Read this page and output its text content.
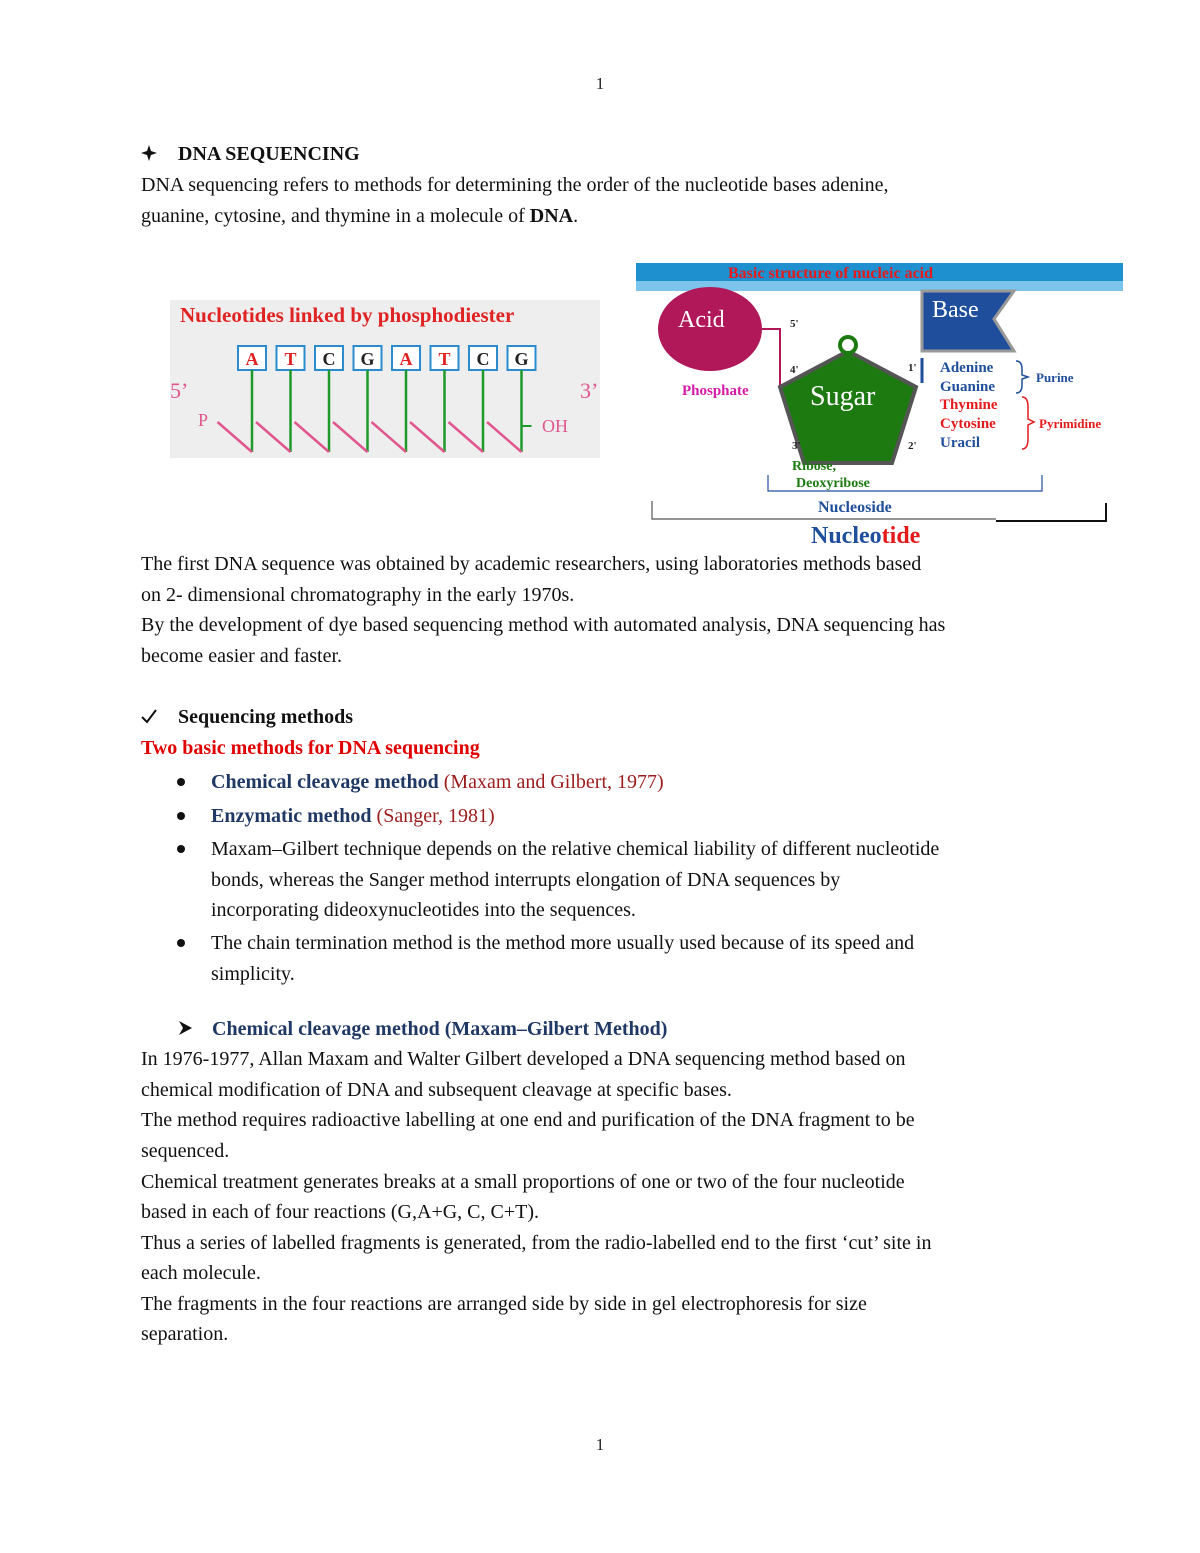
1
DNA SEQUENCING
DNA sequencing refers to methods for determining the order of the nucleotide bases adenine,
guanine, cytosine, and thymine in a molecule of DNA.
Nucleotides linked by phosphodiester
A T C G A T C G
5’	3’
P	OH
Basic structure of nucleic acid
Acid
Phosphate Sugar
5'
4'	1'
3'	2'
Base
Adenine
Guanine
Purine
Thymine
Cytosine
Uracil
Pyrimidine
Ribose,
Deoxyribose
Nucleoside
Nucleotide
The first DNA sequence was obtained by academic researchers, using laboratories methods based
on 2- dimensional chromatography in the early 1970s.
By the development of dye based sequencing method with automated analysis, DNA sequencing has
become easier and faster.
Sequencing methods
Two basic methods for DNA sequencing
Chemical cleavage method (Maxam and Gilbert, 1977)
Enzymatic method (Sanger, 1981)
Maxam–Gilbert technique depends on the relative chemical liability of different nucleotide
bonds, whereas the Sanger method interrupts elongation of DNA sequences by
incorporating dideoxynucleotides into the sequences.
The chain termination method is the method more usually used because of its speed and
simplicity.
Chemical cleavage method (Maxam–Gilbert Method)
In 1976-1977, Allan Maxam and Walter Gilbert developed a DNA sequencing method based on
chemical modification of DNA and subsequent cleavage at specific bases.
The method requires radioactive labelling at one end and purification of the DNA fragment to be
sequenced.
Chemical treatment generates breaks at a small proportions of one or two of the four nucleotide
based in each of four reactions (G,A+G, C, C+T).
Thus a series of labelled fragments is generated, from the radio-labelled end to the first ‘cut’ site in
each molecule.
The fragments in the four reactions are arranged side by side in gel electrophoresis for size
separation.
1
